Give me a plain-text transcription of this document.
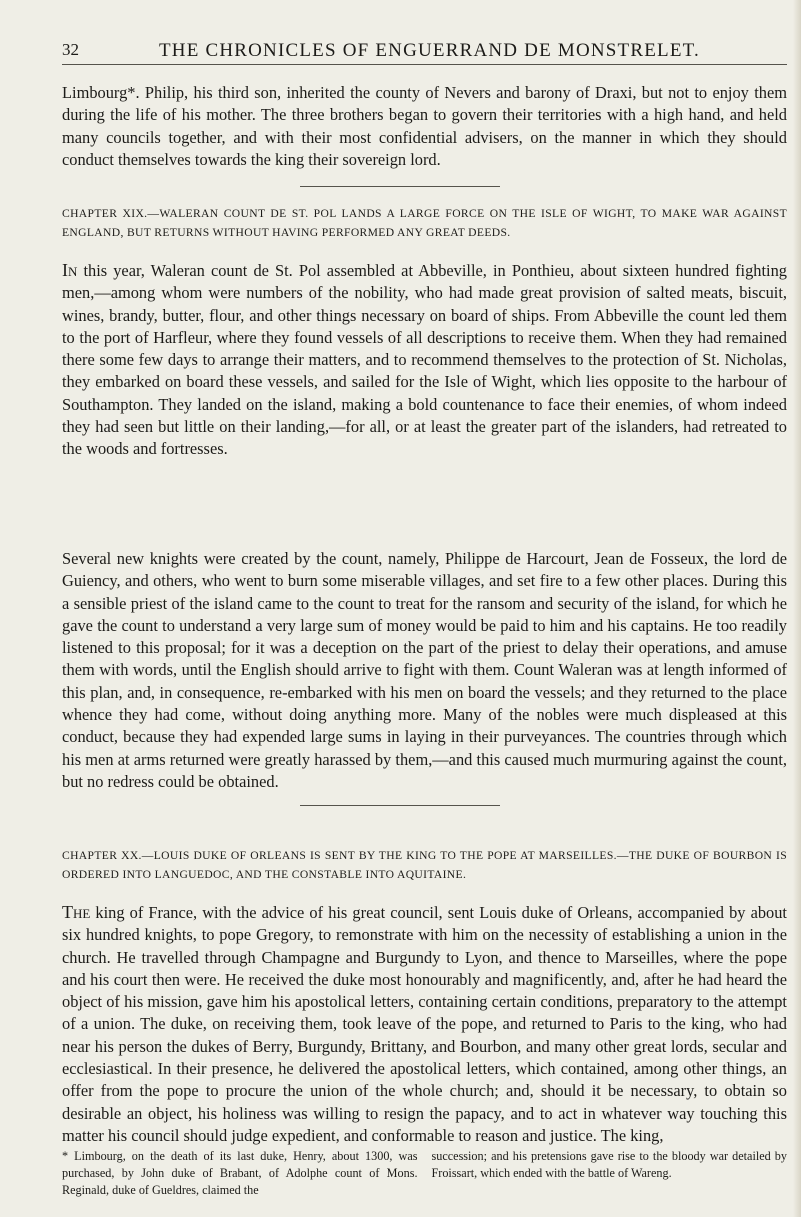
32	THE CHRONICLES OF ENGUERRAND DE MONSTRELET.

Limbourg*. Philip, his third son, inherited the county of Nevers and barony of Draxi, but not to enjoy them during the life of his mother. The three brothers began to govern their territories with a high hand, and held many councils together, and with their most confidential advisers, on the manner in which they should conduct themselves towards the king their sovereign lord.

CHAPTER XIX.—WALERAN COUNT DE ST. POL LANDS A LARGE FORCE ON THE ISLE OF WIGHT, TO MAKE WAR AGAINST ENGLAND, BUT RETURNS WITHOUT HAVING PERFORMED ANY GREAT DEEDS.

In this year, Waleran count de St. Pol assembled at Abbeville, in Ponthieu, about sixteen hundred fighting men,—among whom were numbers of the nobility, who had made great provision of salted meats, biscuit, wines, brandy, butter, flour, and other things necessary on board of ships. From Abbeville the count led them to the port of Harfleur, where they found vessels of all descriptions to receive them. When they had remained there some few days to arrange their matters, and to recommend themselves to the protection of St. Nicholas, they embarked on board these vessels, and sailed for the Isle of Wight, which lies opposite to the harbour of Southampton. They landed on the island, making a bold countenance to face their enemies, of whom indeed they had seen but little on their landing,—for all, or at least the greater part of the islanders, had retreated to the woods and fortresses.

Several new knights were created by the count, namely, Philippe de Harcourt, Jean de Fosseux, the lord de Guiency, and others, who went to burn some miserable villages, and set fire to a few other places. During this a sensible priest of the island came to the count to treat for the ransom and security of the island, for which he gave the count to understand a very large sum of money would be paid to him and his captains. He too readily listened to this proposal; for it was a deception on the part of the priest to delay their operations, and amuse them with words, until the English should arrive to fight with them. Count Waleran was at length informed of this plan, and, in consequence, re-embarked with his men on board the vessels; and they returned to the place whence they had come, without doing anything more. Many of the nobles were much displeased at this conduct, because they had expended large sums in laying in their purveyances. The countries through which his men at arms returned were greatly harassed by them,—and this caused much murmuring against the count, but no redress could be obtained.

CHAPTER XX.—LOUIS DUKE OF ORLEANS IS SENT BY THE KING TO THE POPE AT MARSEILLES.—THE DUKE OF BOURBON IS ORDERED INTO LANGUEDOC, AND THE CONSTABLE INTO AQUITAINE.

The king of France, with the advice of his great council, sent Louis duke of Orleans, accompanied by about six hundred knights, to pope Gregory, to remonstrate with him on the necessity of establishing a union in the church. He travelled through Champagne and Burgundy to Lyon, and thence to Marseilles, where the pope and his court then were. He received the duke most honourably and magnificently, and, after he had heard the object of his mission, gave him his apostolical letters, containing certain conditions, preparatory to the attempt of a union. The duke, on receiving them, took leave of the pope, and returned to Paris to the king, who had near his person the dukes of Berry, Burgundy, Brittany, and Bourbon, and many other great lords, secular and ecclesiastical. In their presence, he delivered the apostolical letters, which contained, among other things, an offer from the pope to procure the union of the whole church; and, should it be necessary, to obtain so desirable an object, his holiness was willing to resign the papacy, and to act in whatever way touching this matter his council should judge expedient, and conformable to reason and justice. The king,

* Limbourg, on the death of its last duke, Henry, about 1300, was purchased, by John duke of Brabant, of Adolphe count of Mons. Reginald, duke of Gueldres, claimed the

succession; and his pretensions gave rise to the bloody war detailed by Froissart, which ended with the battle of Wareng.
